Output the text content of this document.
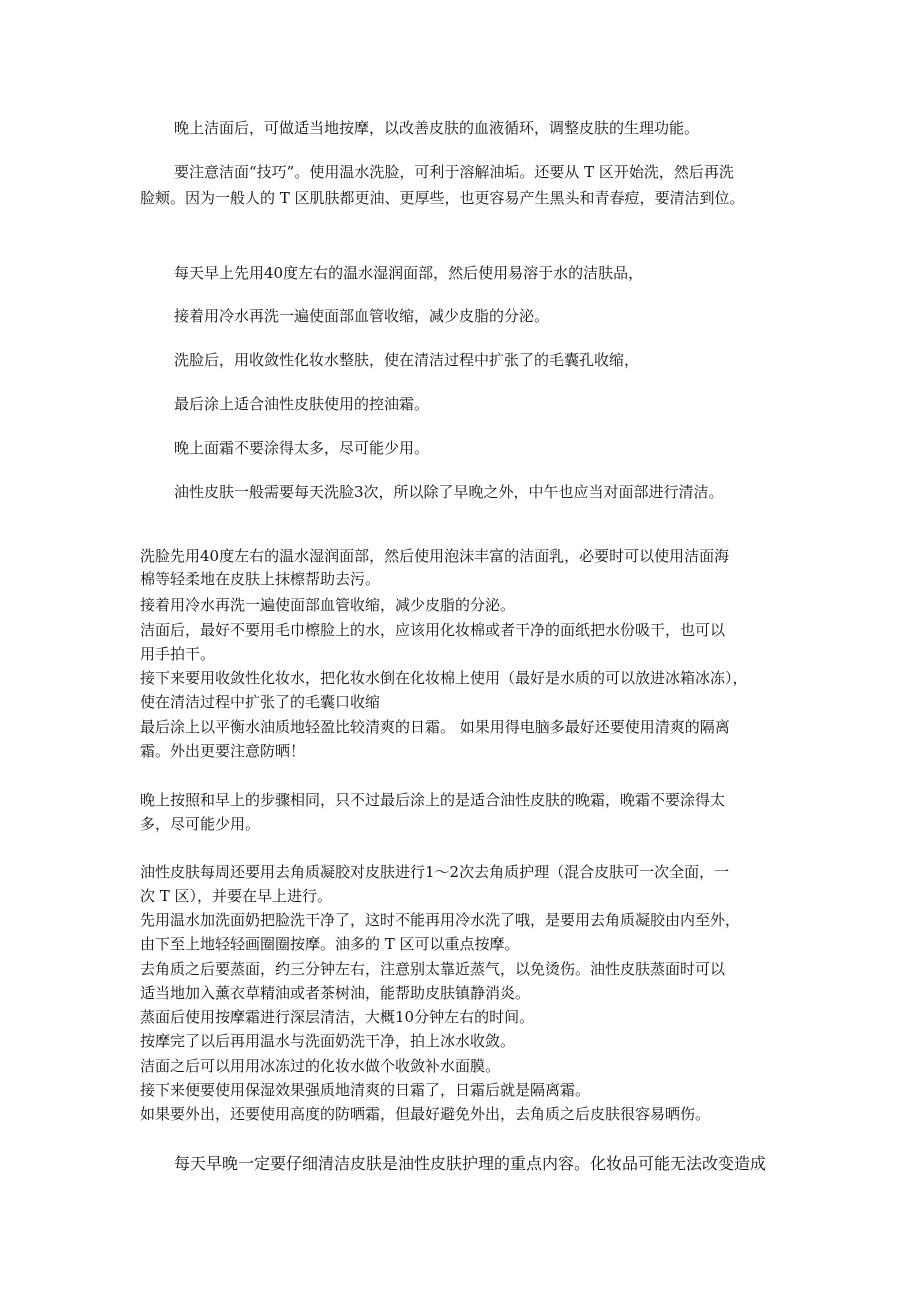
晚上洁面后，可做适当地按摩，以改善皮肤的血液循环，调整皮肤的生理功能。

要注意洁面“技巧”。使用温水洗脸，可利于溶解油垢。还要从 T 区开始洗，然后再洗

脸颊。因为一般人的 T 区肌肤都更油、更厚些，也更容易产生黑头和青春痘，要清洁到位。

每天早上先用40度左右的温水湿润面部，然后使用易溶于水的洁肤品，

接着用冷水再洗一遍使面部血管收缩，减少皮脂的分泌。

洗脸后，用收敛性化妆水整肤，使在清洁过程中扩张了的毛囊孔收缩，

最后涂上适合油性皮肤使用的控油霜。

晚上面霜不要涂得太多，尽可能少用。

油性皮肤一般需要每天洗脸3次，所以除了早晚之外，中午也应当对面部进行清洁。

洗脸先用40度左右的温水湿润面部，然后使用泡沫丰富的洁面乳，必要时可以使用洁面海

棉等轻柔地在皮肤上抹檫帮助去污。

接着用冷水再洗一遍使面部血管收缩，减少皮脂的分泌。

洁面后，最好不要用毛巾檫脸上的水，应该用化妆棉或者干净的面纸把水份吸干，也可以

用手拍干。

接下来要用收敛性化妆水，把化妆水倒在化妆棉上使用（最好是水质的可以放进冰箱冰冻），

使在清洁过程中扩张了的毛囊口收缩

最后涂上以平衡水油质地轻盈比较清爽的日霜。 如果用得电脑多最好还要使用清爽的隔离

霜。外出更要注意防晒！

晚上按照和早上的步骤相同，只不过最后涂上的是适合油性皮肤的晚霜，晚霜不要涂得太

多，尽可能少用。

油性皮肤每周还要用去角质凝胶对皮肤进行1～2次去角质护理（混合皮肤可一次全面，一

次 T 区），并要在早上进行。

先用温水加洗面奶把脸洗干净了，这时不能再用冷水洗了哦，是要用去角质凝胶由内至外，

由下至上地轻轻画圈圈按摩。油多的 T 区可以重点按摩。

去角质之后要蒸面，约三分钟左右，注意别太靠近蒸气，以免烫伤。油性皮肤蒸面时可以

适当地加入薰衣草精油或者茶树油，能帮助皮肤镇静消炎。

蒸面后使用按摩霜进行深层清洁，大概10分钟左右的时间。

按摩完了以后再用温水与洗面奶洗干净，拍上冰水收敛。

洁面之后可以用用冰冻过的化妆水做个收敛补水面膜。

接下来便要使用保湿效果强质地清爽的日霜了，日霜后就是隔离霜。

如果要外出，还要使用高度的防晒霜，但最好避免外出，去角质之后皮肤很容易晒伤。

每天早晚一定要仔细清洁皮肤是油性皮肤护理的重点内容。化妆品可能无法改变造成
